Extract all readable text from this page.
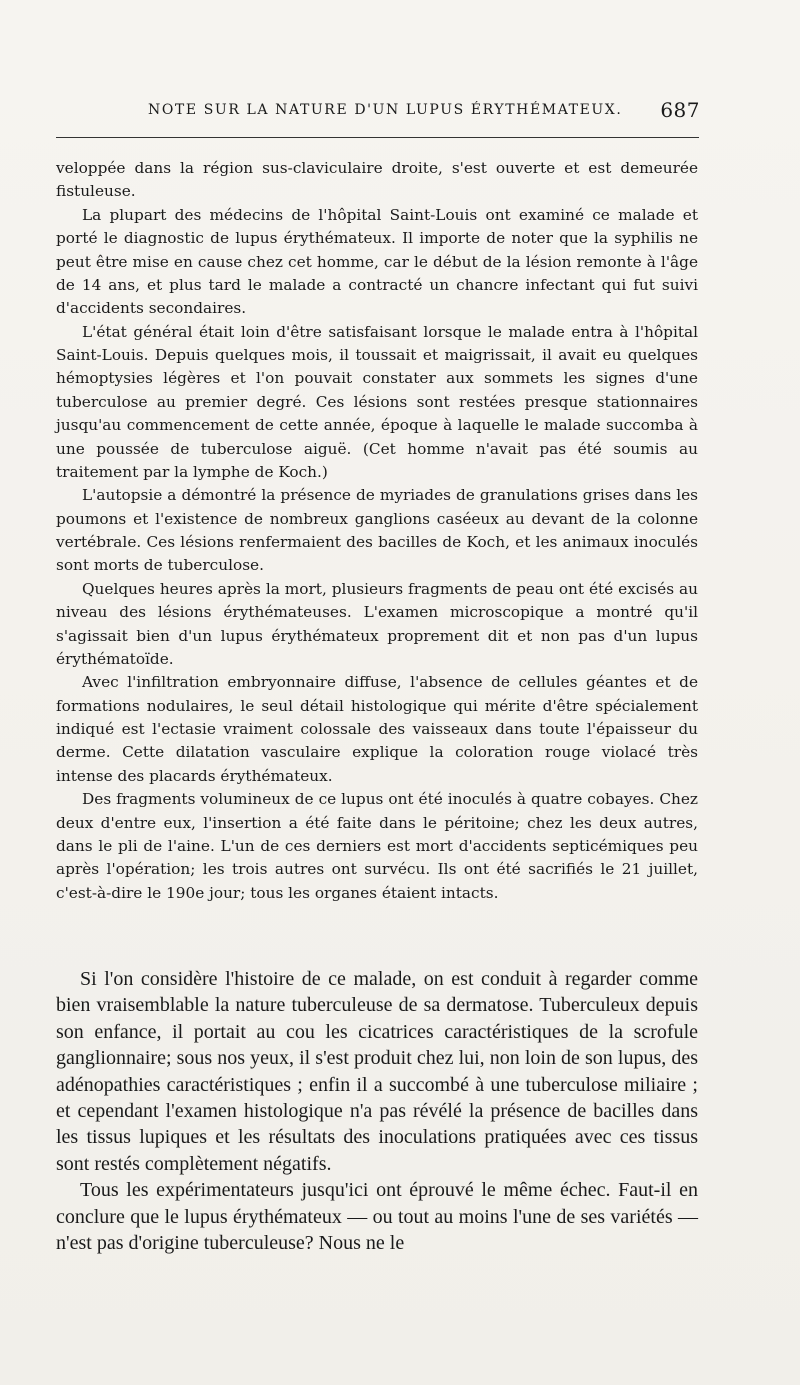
NOTE SUR LA NATURE D'UN LUPUS ÉRYTHÉMATEUX. 687

veloppée dans la région sus-claviculaire droite, s'est ouverte et est demeurée fistuleuse.

La plupart des médecins de l'hôpital Saint-Louis ont examiné ce malade et porté le diagnostic de lupus érythémateux. Il importe de noter que la syphilis ne peut être mise en cause chez cet homme, car le début de la lésion remonte à l'âge de 14 ans, et plus tard le malade a contracté un chancre infectant qui fut suivi d'accidents secondaires.

L'état général était loin d'être satisfaisant lorsque le malade entra à l'hôpital Saint-Louis. Depuis quelques mois, il toussait et maigrissait, il avait eu quelques hémoptysies légères et l'on pouvait constater aux sommets les signes d'une tuberculose au premier degré. Ces lésions sont restées presque stationnaires jusqu'au commencement de cette année, époque à laquelle le malade succomba à une poussée de tuberculose aiguë. (Cet homme n'avait pas été soumis au traitement par la lymphe de Koch.)

L'autopsie a démontré la présence de myriades de granulations grises dans les poumons et l'existence de nombreux ganglions caséeux au devant de la colonne vertébrale. Ces lésions renfermaient des bacilles de Koch, et les animaux inoculés sont morts de tuberculose.

Quelques heures après la mort, plusieurs fragments de peau ont été excisés au niveau des lésions érythémateuses. L'examen microscopique a montré qu'il s'agissait bien d'un lupus érythémateux proprement dit et non pas d'un lupus érythématoïde.

Avec l'infiltration embryonnaire diffuse, l'absence de cellules géantes et de formations nodulaires, le seul détail histologique qui mérite d'être spécialement indiqué est l'ectasie vraiment colossale des vaisseaux dans toute l'épaisseur du derme. Cette dilatation vasculaire explique la coloration rouge violacé très intense des placards érythémateux.

Des fragments volumineux de ce lupus ont été inoculés à quatre cobayes. Chez deux d'entre eux, l'insertion a été faite dans le péritoine; chez les deux autres, dans le pli de l'aine. L'un de ces derniers est mort d'accidents septicémiques peu après l'opération; les trois autres ont survécu. Ils ont été sacrifiés le 21 juillet, c'est-à-dire le 190e jour; tous les organes étaient intacts.

Si l'on considère l'histoire de ce malade, on est conduit à regarder comme bien vraisemblable la nature tuberculeuse de sa dermatose. Tuberculeux depuis son enfance, il portait au cou les cicatrices caractéristiques de la scrofule ganglionnaire; sous nos yeux, il s'est produit chez lui, non loin de son lupus, des adénopathies caractéristiques ; enfin il a succombé à une tuberculose miliaire ; et cependant l'examen histologique n'a pas révélé la présence de bacilles dans les tissus lupiques et les résultats des inoculations pratiquées avec ces tissus sont restés complètement négatifs.

Tous les expérimentateurs jusqu'ici ont éprouvé le même échec. Faut-il en conclure que le lupus érythémateux — ou tout au moins l'une de ses variétés — n'est pas d'origine tuberculeuse? Nous ne le
